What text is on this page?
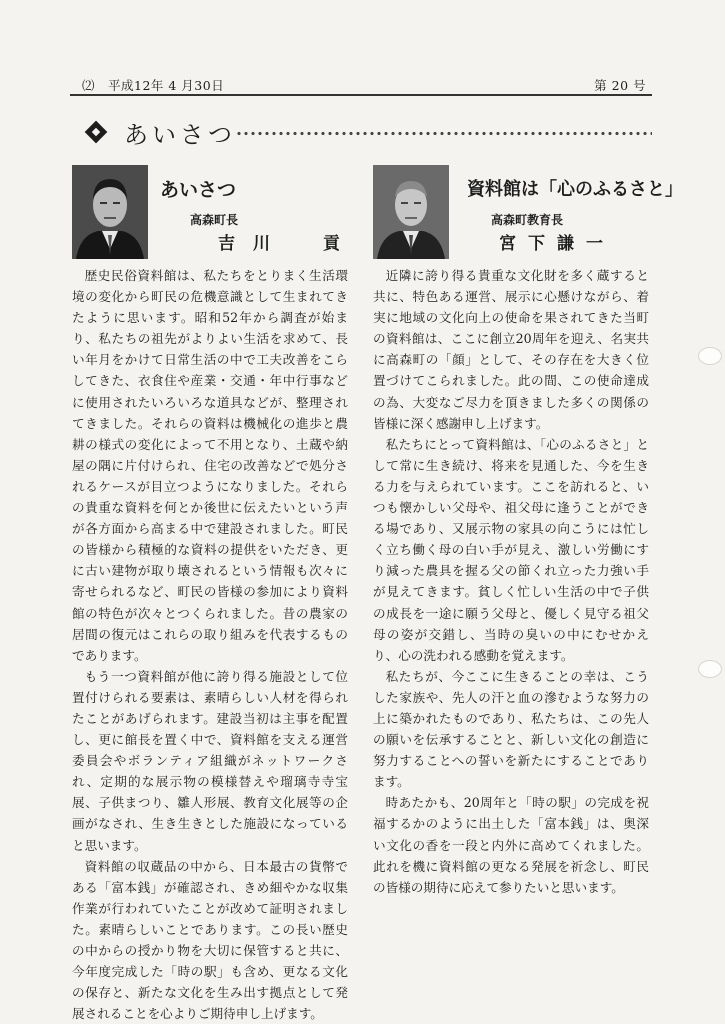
⑵　平成12年 4 月30日	第 20 号
あいさつ
あいさつ
高森町長
吉川　貢

歴史民俗資料館は、私たちをとりまく生活環境の変化から町民の危機意識として生まれてきたように思います。昭和52年から調査が始まり、私たちの祖先がよりよい生活を求めて、長い年月をかけて日常生活の中で工夫改善をこらしてきた、衣食住や産業・交通・年中行事などに使用されたいろいろな道具などが、整理されてきました。それらの資料は機械化の進歩と農耕の様式の変化によって不用となり、土蔵や納屋の隅に片付けられ、住宅の改善などで処分されるケースが目立つようになりました。それらの貴重な資料を何とか後世に伝えたいという声が各方面から高まる中で建設されました。町民の皆様から積極的な資料の提供をいただき、更に古い建物が取り壊されるという情報も次々に寄せられるなど、町民の皆様の参加により資料館の特色が次々とつくられました。昔の農家の居間の復元はこれらの取り組みを代表するものであります。

もう一つ資料館が他に誇り得る施設として位置付けられる要素は、素晴らしい人材を得られたことがあげられます。建設当初は主事を配置し、更に館長を置く中で、資料館を支える運営委員会やボランティア組織がネットワークされ、定期的な展示物の模様替えや瑠璃寺寺宝展、子供まつり、雛人形展、教育文化展等の企画がなされ、生き生きとした施設になっていると思います。

資料館の収蔵品の中から、日本最古の貨幣である「富本銭」が確認され、きめ細やかな収集作業が行われていたことが改めて証明されました。素晴らしいことであります。この長い歴史の中からの授かり物を大切に保管すると共に、今年度完成した「時の駅」も含め、更なる文化の保存と、新たな文化を生み出す拠点として発展されることを心よりご期待申し上げます。

資料館は「心のふるさと」
高森町教育長
宮下謙一

近隣に誇り得る貴重な文化財を多く蔵すると共に、特色ある運営、展示に心懸けながら、着実に地域の文化向上の使命を果されてきた当町の資料館は、ここに創立20周年を迎え、名実共に高森町の「顔」として、その存在を大きく位置づけてこられました。此の間、この使命達成の為、大変なご尽力を頂きました多くの関係の皆様に深く感謝申し上げます。

私たちにとって資料館は、「心のふるさと」として常に生き続け、将来を見通した、今を生きる力を与えられています。ここを訪れると、いつも懐かしい父母や、祖父母に逢うことができる場であり、又展示物の家具の向こうには忙しく立ち働く母の白い手が見え、激しい労働にすり減った農具を握る父の節くれ立った力強い手が見えてきます。貧しく忙しい生活の中で子供の成長を一途に願う父母と、優しく見守る祖父母の姿が交錯し、当時の臭いの中にむせかえり、心の洗われる感動を覚えます。

私たちが、今ここに生きることの幸は、こうした家族や、先人の汗と血の滲むような努力の上に築かれたものであり、私たちは、この先人の願いを伝承することと、新しい文化の創造に努力することへの誓いを新たにすることであります。

時あたかも、20周年と「時の駅」の完成を祝福するかのように出土した「富本銭」は、奥深い文化の香を一段と内外に高めてくれました。此れを機に資料館の更なる発展を祈念し、町民の皆様の期待に応えて参りたいと思います。
